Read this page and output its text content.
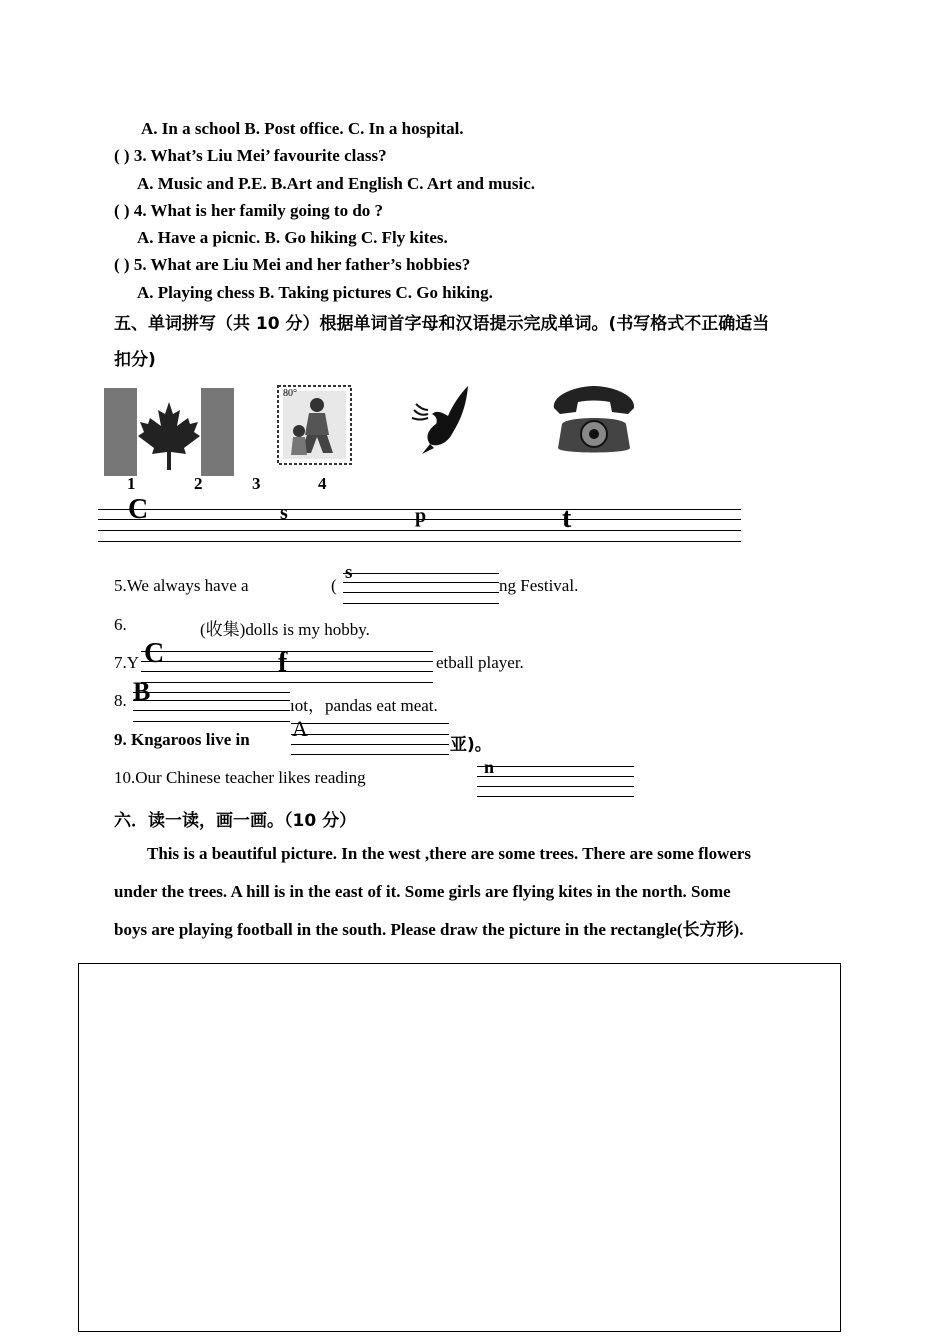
A. In a school B. Post office. C. In a hospital.
( ) 3. What’s Liu Mei’ favourite class?
A. Music and P.E. B.Art and English C. Art and music.
( ) 4. What is her family going to do ?
A. Have a picnic. B. Go hiking C. Fly kites.
( ) 5. What are Liu Mei and her father’s hobbies?
A. Playing chess B. Taking pictures C. Go hiking.
五、单词拼写（共 10 分）根据单词首字母和汉语提示完成单词。(书写格式不正确适当
扣分)
80°
1	2	3	4
C	s	p	t
5.We always have a	(	ng Festival.
s
6.	(收集)dolls is my hobby.
7.Y	etball player.
C	f
8.	ıot，pandas eat meat.
B
9. Kngaroos live in	亚)。
A
10.Our Chinese teacher likes reading
n
六．读一读，画一画。（10 分）
This is a beautiful picture. In the west ,there are some trees. There are some flowers
under the trees. A hill is in the east of it. Some girls are flying kites in the north. Some
boys are playing football in the south. Please draw the picture in the rectangle(长方形).
